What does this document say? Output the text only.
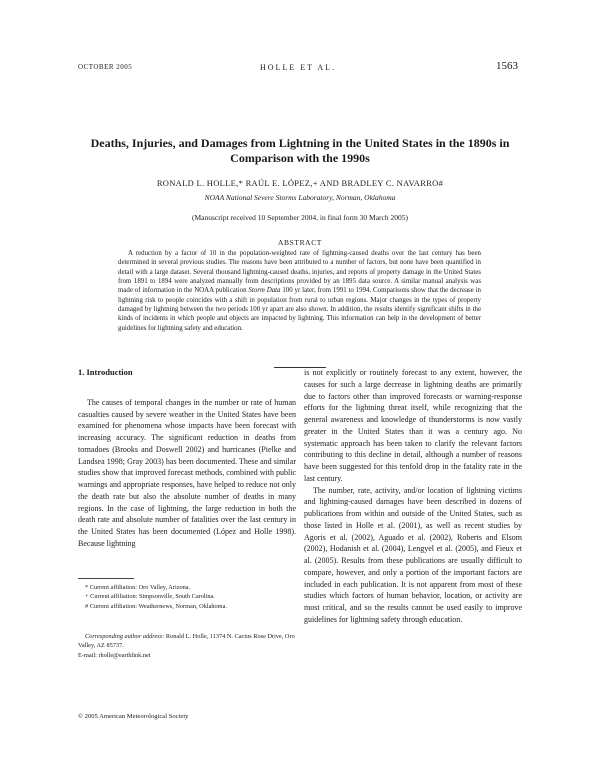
OCTOBER 2005	HOLLE ET AL.	1563
Deaths, Injuries, and Damages from Lightning in the United States in the 1890s in Comparison with the 1990s
RONALD L. HOLLE,* RAÚL E. LÓPEZ,+ AND BRADLEY C. NAVARRO#
NOAA National Severe Storms Laboratory, Norman, Oklahoma
(Manuscript received 10 September 2004, in final form 30 March 2005)
ABSTRACT
A reduction by a factor of 10 in the population-weighted rate of lightning-caused deaths over the last century has been determined in several previous studies. The reasons have been attributed to a number of factors, but none have been quantified in detail with a large dataset. Several thousand lightning-caused deaths, injuries, and reports of property damage in the United States from 1891 to 1894 were analyzed manually from descriptions provided by an 1895 data source. A similar manual analysis was made of information in the NOAA publication Storm Data 100 yr later, from 1991 to 1994. Comparisons show that the decrease in lightning risk to people coincides with a shift in population from rural to urban regions. Major changes in the types of property damaged by lightning between the two periods 100 yr apart are also shown. In addition, the results identify significant shifts in the kinds of incidents in which people and objects are impacted by lightning. This information can help in the development of better guidelines for lightning safety and education.
1. Introduction

The causes of temporal changes in the number or rate of human casualties caused by severe weather in the United States have been examined for phenomena whose impacts have been forecast with increasing accuracy. The significant reduction in deaths from tornadoes (Brooks and Doswell 2002) and hurricanes (Pielke and Landsea 1998; Gray 2003) has been documented. These and similar studies show that improved forecast methods, combined with public warnings and appropriate responses, have helped to reduce not only the death rate but also the absolute number of deaths in many regions. In the case of lightning, the large reduction in both the death rate and absolute number of fatalities over the last century in the United States has been documented (López and Holle 1998). Because lightning

is not explicitly or routinely forecast to any extent, however, the causes for such a large decrease in lightning deaths are primarily due to factors other than improved forecasts or warning-response efforts for the lightning threat itself, while recognizing that the general awareness and knowledge of thunderstorms is now vastly greater in the United States than it was a century ago. No systematic approach has been taken to clarify the relevant factors contributing to this decline in detail, although a number of reasons have been suggested for this tenfold drop in the fatality rate in the last century.

The number, rate, activity, and/or location of lightning victims and lightning-caused damages have been described in dozens of publications from within and outside of the United States, such as those listed in Holle et al. (2001), as well as recent studies by Agoris et al. (2002), Aguado et al. (2002), Roberts and Elsom (2002), Hodanish et al. (2004), Lengyel et al. (2005), and Fieux et al. (2005). Results from these publications are usually difficult to compare, however, and only a portion of the important factors are included in each publication. It is not apparent from most of these studies which factors of human behavior, location, or activity are most critical, and so the results cannot be used easily to improve guidelines for lightning safety through education.

* Current affiliation: Oro Valley, Arizona.
+ Current affiliation: Simpsonville, South Carolina.
# Current affiliation: Weathernews, Norman, Oklahoma.
Corresponding author address: Ronald L. Holle, 11374 N. Cactus Rose Drive, Oro Valley, AZ 85737.
E-mail: rholle@earthlink.net
© 2005 American Meteorological Society
